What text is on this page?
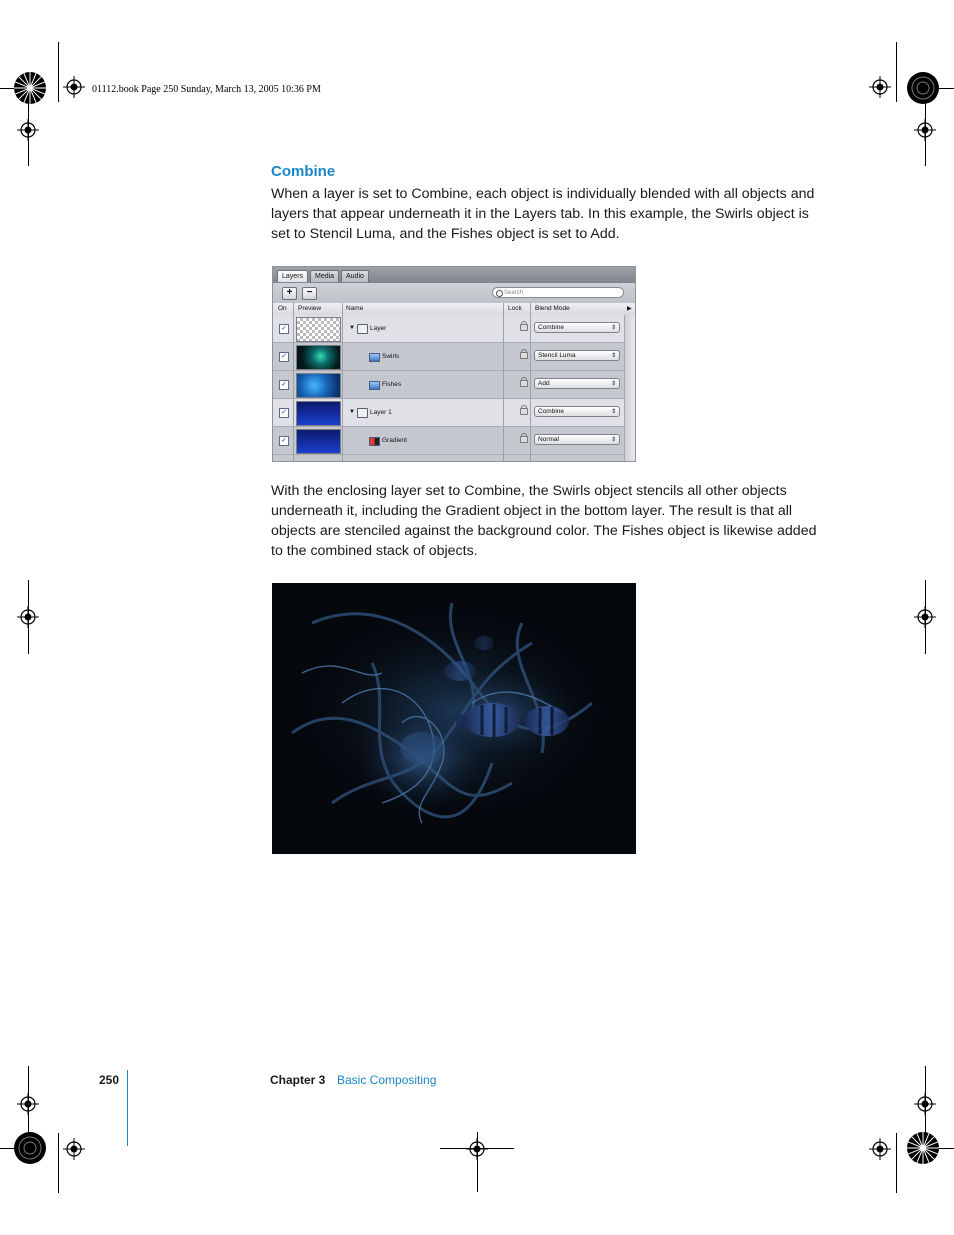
01112.book Page 250 Sunday, March 13, 2005 10:36 PM
Combine

When a layer is set to Combine, each object is individually blended with all objects and layers that appear underneath it in the Layers tab. In this example, the Swirls object is set to Stencil Luma, and the Fishes object is set to Add.

Layers	Media	Audio
+	−	Search
On Preview	Name	Lock Blend Mode	▶
✓	▼ Layer	Combine	⇕
✓	Swirls	Stencil Luma	⇕
✓	Fishes	Add	⇕
✓	▼ Layer 1	Combine	⇕
✓	Gradient	Normal	⇕

With the enclosing layer set to Combine, the Swirls object stencils all other objects underneath it, including the Gradient object in the bottom layer. The result is that all objects are stenciled against the background color. The Fishes object is likewise added to the combined stack of objects.

250	Chapter 3 Basic Compositing
